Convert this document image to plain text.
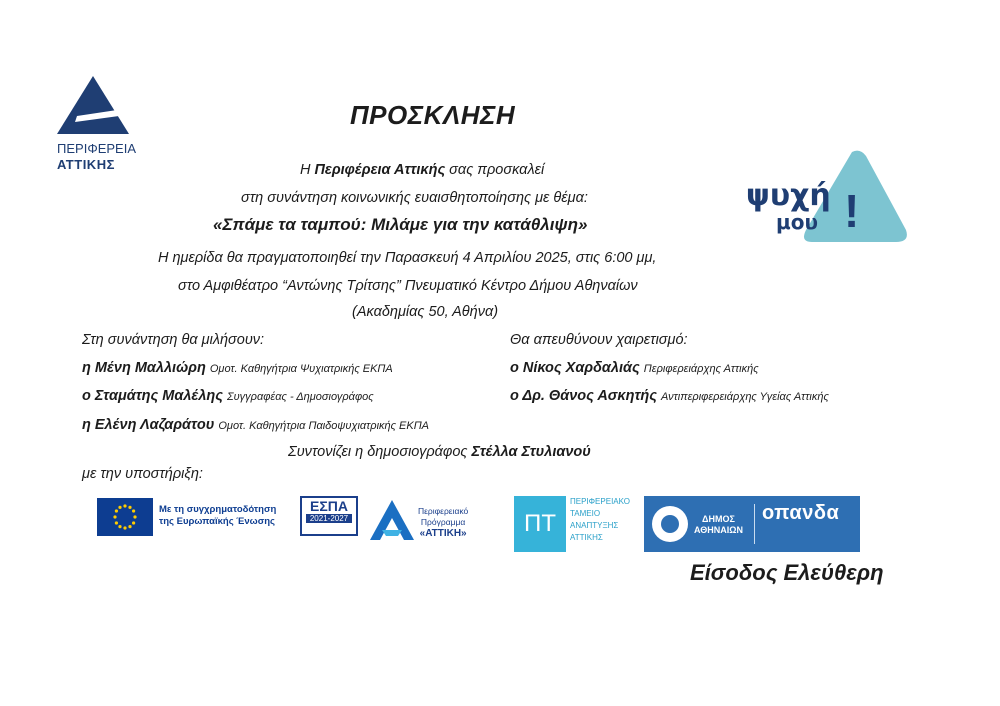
ΠΕΡΙΦΕΡΕΙΑ
ΑΤΤΙΚΗΣ
ΠΡΟΣΚΛΗΣΗ
Η Περιφέρεια Αττικής σας προσκαλεί
στη συνάντηση κοινωνικής ευαισθητοποίησης με θέμα:
«Σπάμε τα ταμπού: Μιλάμε για την κατάθλιψη»
Η ημερίδα θα πραγματοποιηθεί την Παρασκευή 4 Απριλίου 2025, στις 6:00 μμ,
στο Αμφιθέατρο “Αντώνης Τρίτσης” Πνευματικό Κέντρο Δήμου Αθηναίων
(Ακαδημίας 50, Αθήνα)
ψυχή
μου !
Στη συνάντηση θα μιλήσουν:
η Μένη Μαλλιώρη Ομοτ. Καθηγήτρια Ψυχιατρικής ΕΚΠΑ
ο Σταμάτης Μαλέλης Συγγραφέας - Δημοσιογράφος
η Ελένη Λαζαράτου Ομοτ. Καθηγήτρια Παιδοψυχιατρικής ΕΚΠΑ
Θα απευθύνουν χαιρετισμό:
ο Νίκος Χαρδαλιάς Περιφερειάρχης Αττικής
ο Δρ. Θάνος Ασκητής Αντιπεριφερειάρχης Υγείας Αττικής
Συντονίζει η δημοσιογράφος Στέλλα Στυλιανού
με την υποστήριξη:
Με τη συγχρηματοδότηση
της Ευρωπαϊκής Ένωσης
ΕΣΠΑ
2021-2027
Περιφερειακό
Πρόγραμμα
«ΑΤΤΙΚΗ»	ΠΤ αα
ΠΕΡΙΦΕΡΕΙΑΚΟ
ΤΑΜΕΙΟ
ΑΝΑΠΤΥΞΗΣ
ΑΤΤΙΚΗΣ
ΔΗΜΟΣ
ΑΘΗΝΑΙΩΝ
οπανδα
Είσοδος Ελεύθερη
